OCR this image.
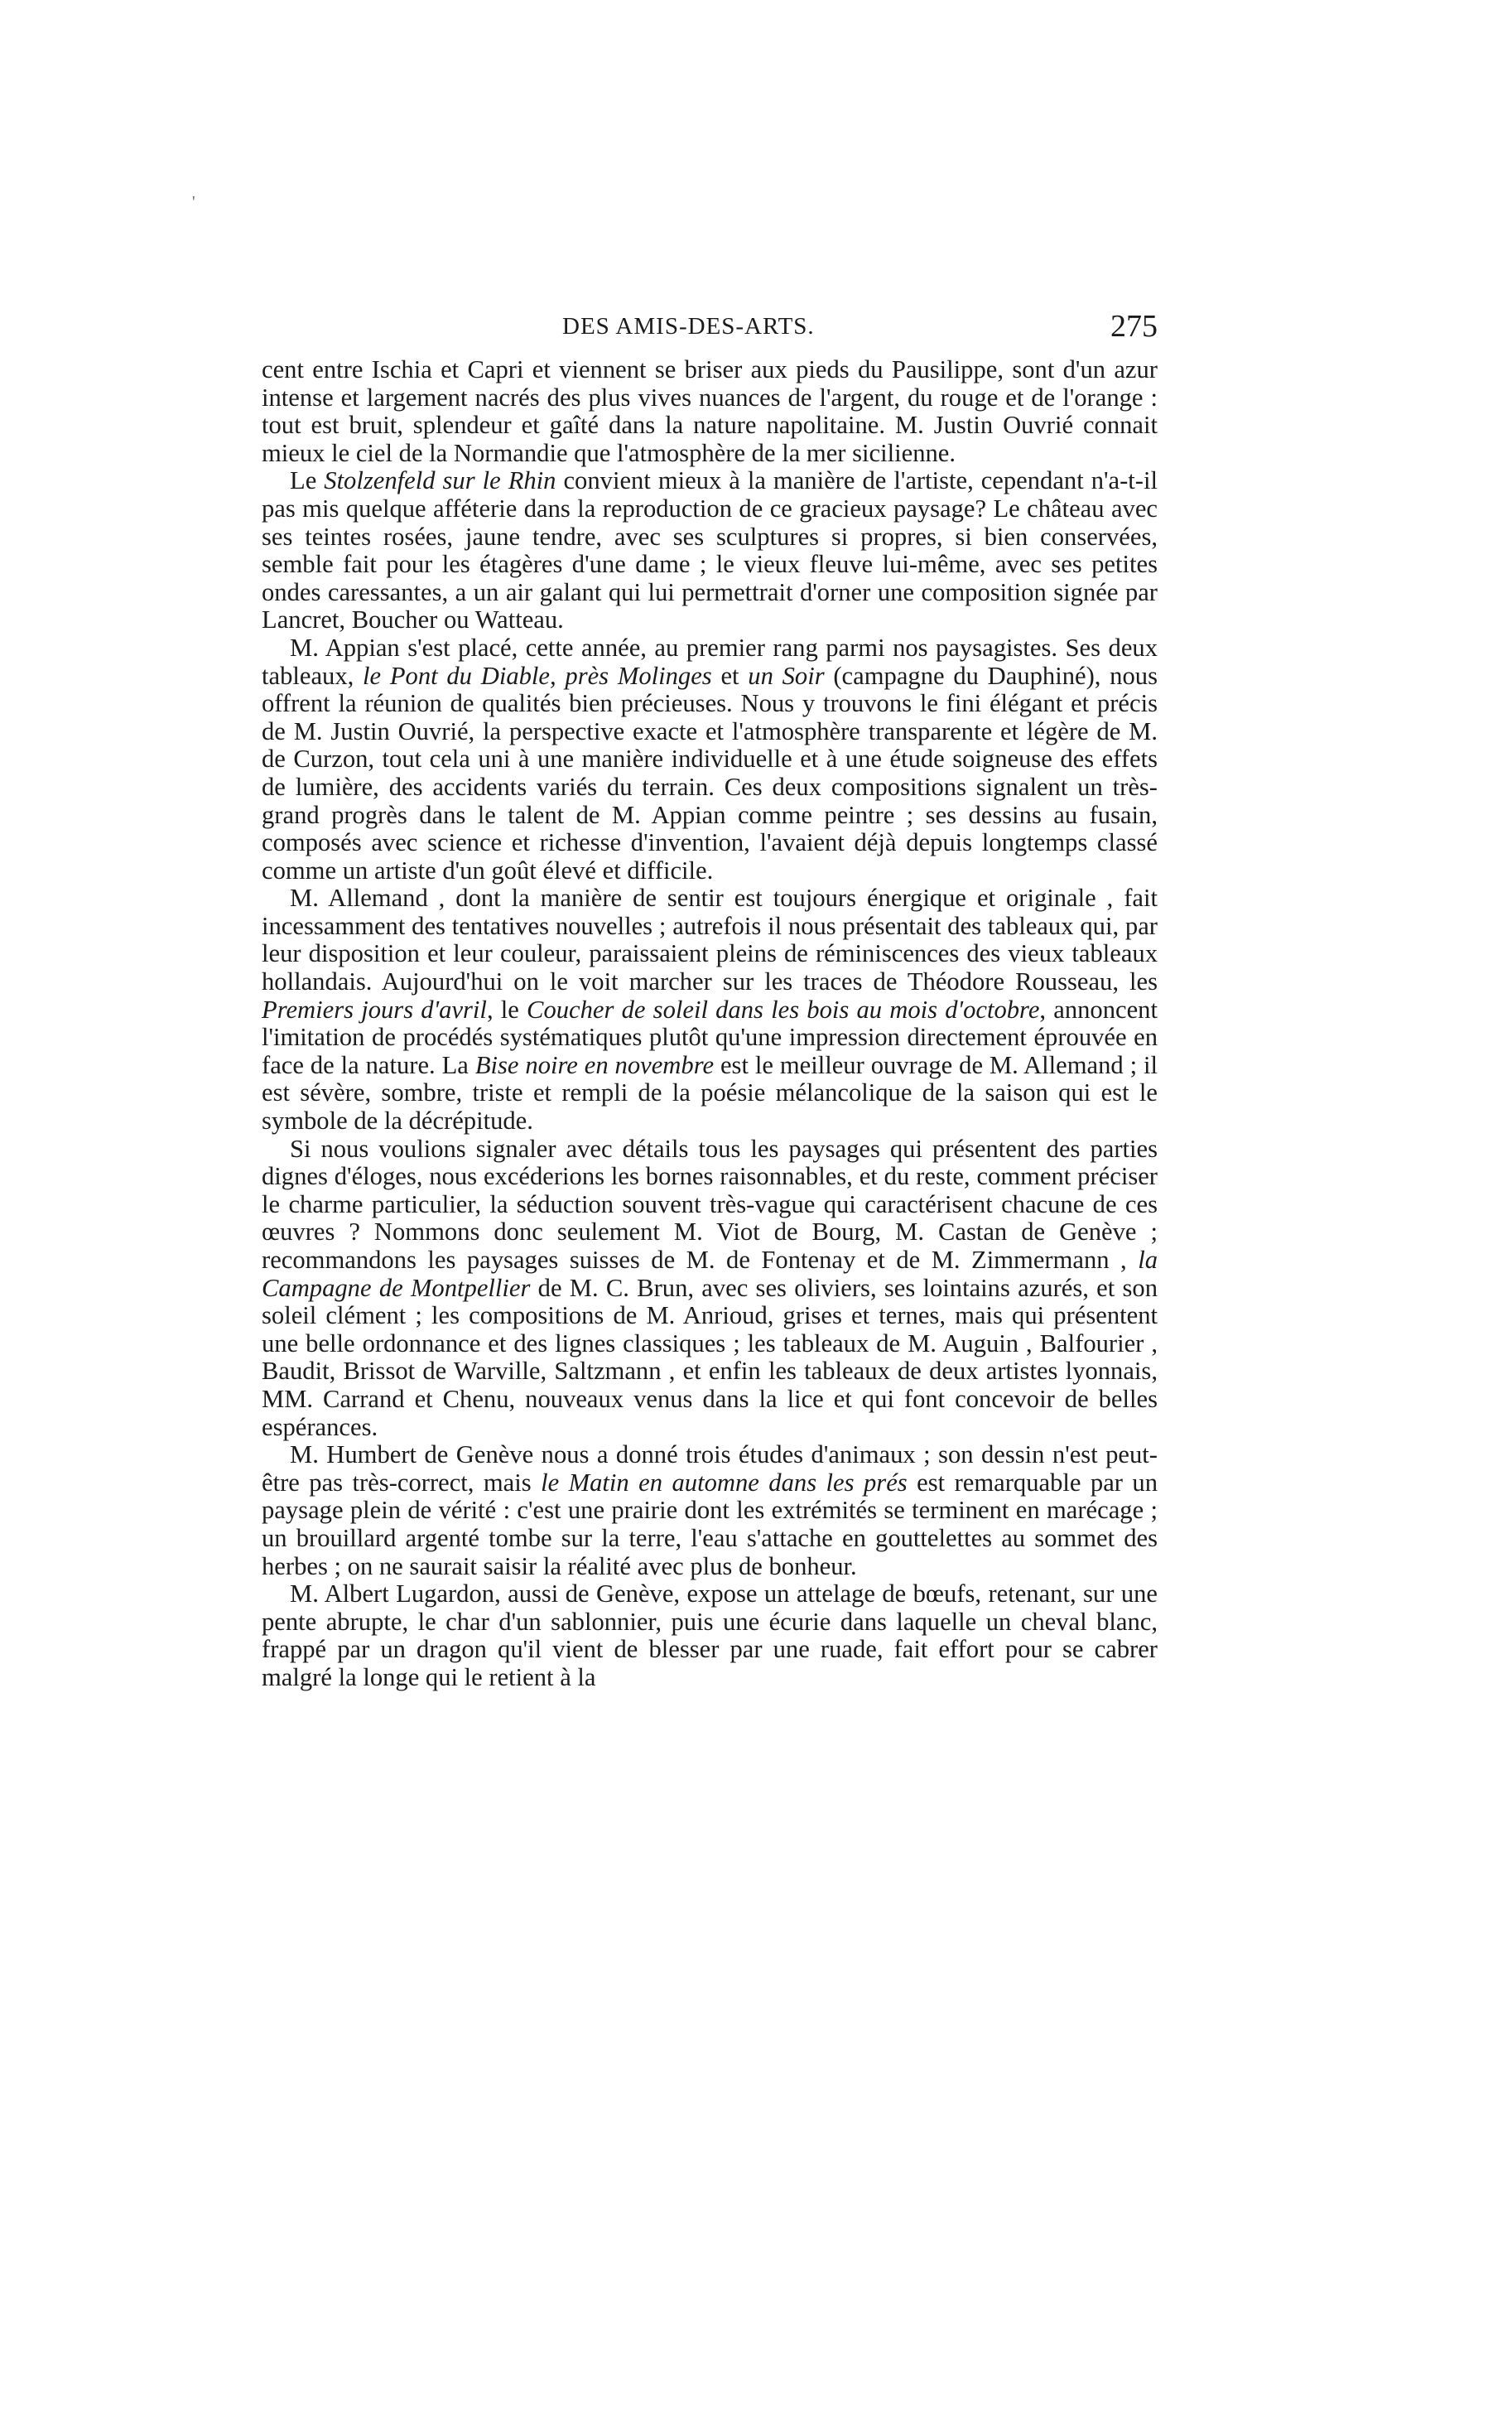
'
DES AMIS-DES-ARTS.	275

cent entre Ischia et Capri et viennent se briser aux pieds du Pausilippe, sont d'un azur intense et largement nacrés des plus vives nuances de l'argent, du rouge et de l'orange : tout est bruit, splendeur et gaîté dans la nature napolitaine. M. Justin Ouvrié connait mieux le ciel de la Normandie que l'atmosphère de la mer sicilienne.

Le Stolzenfeld sur le Rhin convient mieux à la manière de l'artiste, cependant n'a-t-il pas mis quelque afféterie dans la reproduction de ce gracieux paysage? Le château avec ses teintes rosées, jaune tendre, avec ses sculptures si propres, si bien conservées, semble fait pour les étagères d'une dame ; le vieux fleuve lui-même, avec ses petites ondes caressantes, a un air galant qui lui permettrait d'orner une composition signée par Lancret, Boucher ou Watteau.

M. Appian s'est placé, cette année, au premier rang parmi nos paysagistes. Ses deux tableaux, le Pont du Diable, près Molinges et un Soir (campagne du Dauphiné), nous offrent la réunion de qualités bien précieuses. Nous y trouvons le fini élégant et précis de M. Justin Ouvrié, la perspective exacte et l'atmosphère transparente et légère de M. de Curzon, tout cela uni à une manière individuelle et à une étude soigneuse des effets de lumière, des accidents variés du terrain. Ces deux compositions signalent un très-grand progrès dans le talent de M. Appian comme peintre ; ses dessins au fusain, composés avec science et richesse d'invention, l'avaient déjà depuis longtemps classé comme un artiste d'un goût élevé et difficile.

M. Allemand , dont la manière de sentir est toujours énergique et originale , fait incessamment des tentatives nouvelles ; autrefois il nous présentait des tableaux qui, par leur disposition et leur couleur, paraissaient pleins de réminiscences des vieux tableaux hollandais. Aujourd'hui on le voit marcher sur les traces de Théodore Rousseau, les Premiers jours d'avril, le Coucher de soleil dans les bois au mois d'octobre, annoncent l'imitation de procédés systématiques plutôt qu'une impression directement éprouvée en face de la nature. La Bise noire en novembre est le meilleur ouvrage de M. Allemand ; il est sévère, sombre, triste et rempli de la poésie mélancolique de la saison qui est le symbole de la décrépitude.

Si nous voulions signaler avec détails tous les paysages qui présentent des parties dignes d'éloges, nous excéderions les bornes raisonnables, et du reste, comment préciser le charme particulier, la séduction souvent très-vague qui caractérisent chacune de ces œuvres ? Nommons donc seulement M. Viot de Bourg, M. Castan de Genève ; recommandons les paysages suisses de M. de Fontenay et de M. Zimmermann , la Campagne de Montpellier de M. C. Brun, avec ses oliviers, ses lointains azurés, et son soleil clément ; les compositions de M. Anrioud, grises et ternes, mais qui présentent une belle ordonnance et des lignes classiques ; les tableaux de M. Auguin , Balfourier , Baudit, Brissot de Warville, Saltzmann , et enfin les tableaux de deux artistes lyonnais, MM. Carrand et Chenu, nouveaux venus dans la lice et qui font concevoir de belles espérances.

M. Humbert de Genève nous a donné trois études d'animaux ; son dessin n'est peut-être pas très-correct, mais le Matin en automne dans les prés est remarquable par un paysage plein de vérité : c'est une prairie dont les extrémités se terminent en marécage ; un brouillard argenté tombe sur la terre, l'eau s'attache en gouttelettes au sommet des herbes ; on ne saurait saisir la réalité avec plus de bonheur.

M. Albert Lugardon, aussi de Genève, expose un attelage de bœufs, retenant, sur une pente abrupte, le char d'un sablonnier, puis une écurie dans laquelle un cheval blanc, frappé par un dragon qu'il vient de blesser par une ruade, fait effort pour se cabrer malgré la longe qui le retient à la
